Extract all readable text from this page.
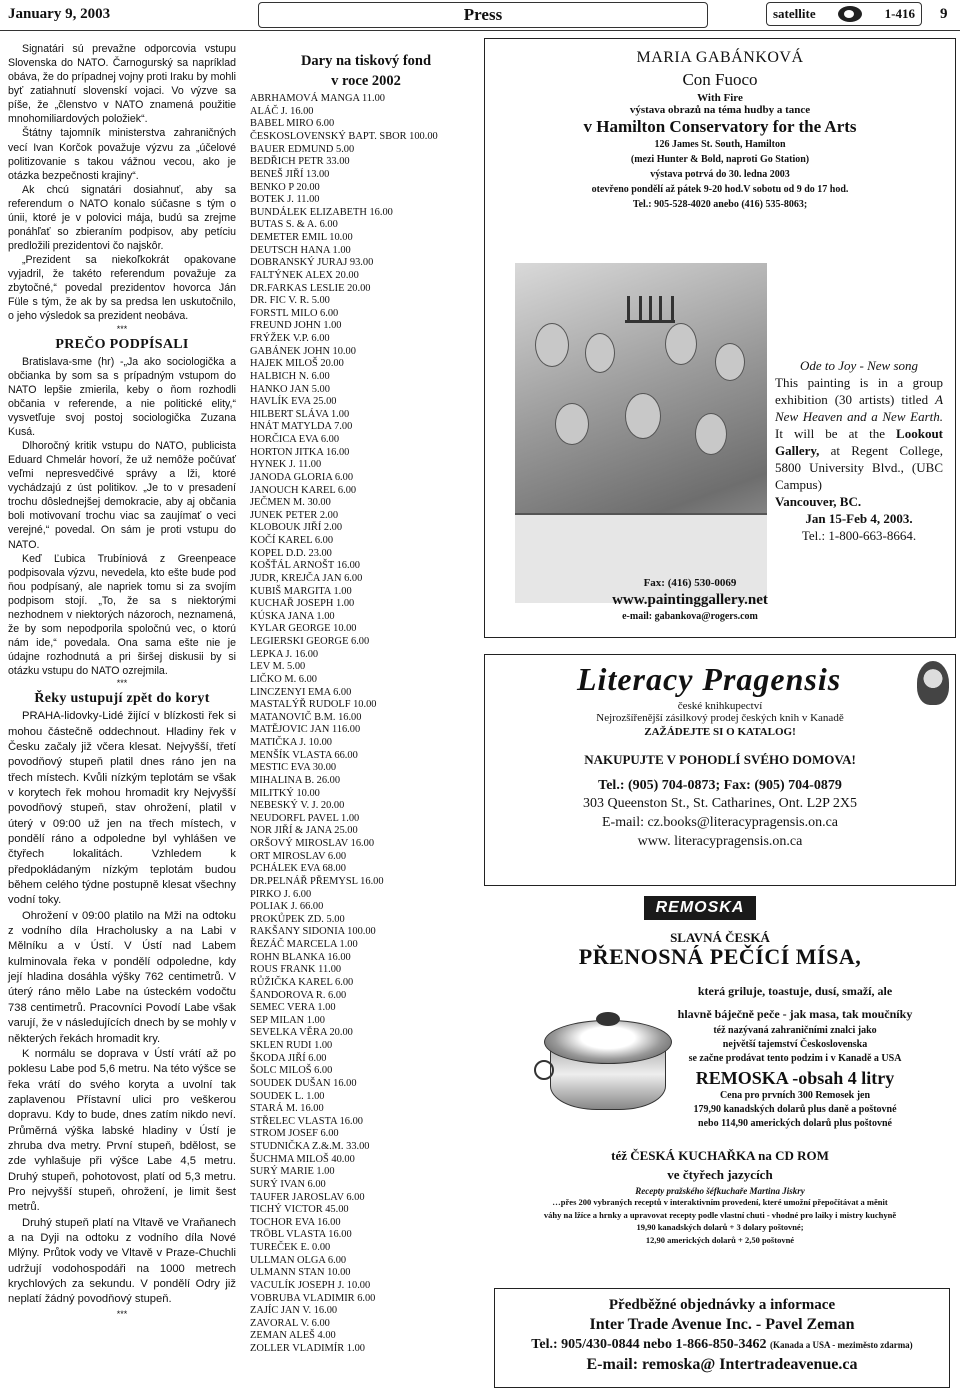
January 9, 2003	Press	satellite	1-416 9

Signatári sú prevažne odporcovia vstupu Slovenska do NATO. Čarnogurský sa napríklad obáva, že do prípadnej vojny proti Iraku by mohli byť zatiahnutí slovenskí vojaci. Vo výzve sa píše, že „členstvo v NATO znamená použitie mnohomiliardových položiek“.

Štátny tajomník ministerstva zahraničných vecí Ivan Korčok považuje výzvu za „účelové politizovanie s takou vážnou vecou, ako je otázka bezpečnosti krajiny“.

Ak chcú signatári dosiahnuť, aby sa referendum o NATO konalo súčasne s tým o únii, ktoré je v polovici mája, budú sa zrejme ponáhľať so zbieraním podpisov, aby petíciu predložili prezidentovi čo najskôr.

„Prezident sa niekoľkokrát opakovane vyjadril, že takéto referendum považuje za zbytočné,“ povedal prezidentov hovorca Ján Füle s tým, že ak by sa predsa len uskutočnilo, o jeho výsledok sa prezident neobáva.

***

PREČO PODPÍSALI

Bratislava-sme (hr) -„Ja ako sociologička a občianka by som sa s prípadným vstupom do NATO lepšie zmierila, keby o ňom rozhodli občania v referende, a nie politické elity,“ vysvetľuje svoj postoj sociologička Zuzana Kusá.

Dlhoročný kritik vstupu do NATO, publicista Eduard Chmelár hovorí, že už nemôže počúvať veľmi nepresvedčivé správy a lži, ktoré vychádzajú z úst politikov. „Je to v presadení trochu dôslednejšej demokracie, aby aj občania boli motivovaní trochu viac sa zaujímať o veci verejné,“ povedal. On sám je proti vstupu do NATO.

Keď Ľubica Trubíniová z Greenpeace podpisovala výzvu, nevedela, kto ešte bude pod ňou podpísaný, ale napriek tomu si za svojím podpisom stojí. „To, že sa s niektorými nezhodnem v niektorých názoroch, neznamená, že by som nepodporila spoločnú vec, o ktorú nám ide,“ povedala. Ona sama ešte nie je údajne rozhodnutá a pri širšej diskusii by si otázku vstupu do NATO ozrejmila.

***

Řeky ustupují zpět do koryt

PRAHA-lidovky-Lidé žijící v blízkosti řek si mohou částečně oddechnout. Hladiny řek v Česku začaly již včera klesat. Nejvyšší, třetí povodňový stupeň platil dnes ráno jen na třech místech. Kvůli nízkým teplotám se však v korytech řek mohou hromadit kry Nejvyšší povodňový stupeň, stav ohrožení, platil v úterý v 09:00 už jen na třech místech, v pondělí ráno a odpoledne byl vyhlášen ve čtyřech lokalitách. Vzhledem k předpokládaným nízkým teplotám budou během celého týdne postupně klesat všechny vodní toky.

Ohrožení v 09:00 platilo na Mži na odtoku z vodního díla Hracholusky a na Labi v Mělníku a v Ústí. V Ústí nad Labem kulminovala řeka v pondělí odpoledne, kdy její hladina dosáhla výšky 762 centimetrů. V úterý ráno mělo Labe na ústeckém vodočtu 738 centimetrů. Pracovníci Povodí Labe však varují, že v následujících dnech by se mohly v některých řekách hromadit kry.

K normálu se doprava v Ústí vrátí až po poklesu Labe pod 5,6 metru. Na této výšce se řeka vrátí do svého koryta a uvolní tak zaplavenou Přístavní ulici pro veškerou dopravu. Kdy to bude, dnes zatím nikdo neví. Průměrná výška labské hladiny v Ústí je zhruba dva metry. První stupeň, bdělost, se zde vyhlašuje při výšce Labe 4,5 metru. Druhý stupeň, pohotovost, platí od 5,3 metru. Pro nejvyšší stupeň, ohrožení, je limit šest metrů.

Druhý stupeň platí na Vltavě ve Vraňanech a na Dyji na odtoku z vodního díla Nové Mlýny. Průtok vody ve Vltavě v Praze-Chuchli udržují vodohospodáři na 1000 metrech krychlových za sekundu. V pondělí Odry již neplatí žádný povodňový stupeň.

***

Dary na tiskový fond
v roce 2002
ABRHAMOVÁ MANGA 11.00
ALÁČ J. 16.00
BABEL MIRO 6.00
ČESKOSLOVENSKÝ BAPT. SBOR 100.00
BAUER EDMUND 5.00
BEDŘICH PETR 33.00
BENEŠ JIŘÍ 13.00
BENKO P 20.00
BOTEK J. 11.00
BUNDÁLEK ELIZABETH 16.00
BUTAS S. & A. 6.00
DEMETER EMIL 10.00
DEUTSCH HANA 1.00
DOBRANSKÝ JURAJ 93.00
FALTÝNEK ALEX 20.00
DR.FARKAS LESLIE 20.00
DR. FIC V. R. 5.00
FORSTL MILO 6.00
FREUND JOHN 1.00
FRÝŽEK V.P. 6.00
GABÁNEK JOHN 10.00
HAJEK MILOŠ 20.00
HALBICH N. 6.00
HANKO JAN 5.00
HAVLÍK EVA 25.00
HILBERT SLÁVA 1.00
HNÁT MATYLDA 7.00
HORČICA EVA 6.00
HORTON JITKA 16.00
HYNEK J. 11.00
JANODA GLORIA 6.00
JANOUCH KAREL 6.00
JEČMEN M. 30.00
JUNEK PETER 2.00
KLOBOUK JIŘÍ 2.00
KOČÍ KAREL 6.00
KOPEL D.D. 23.00
KOŠŤÁL ARNOŠT 16.00
JUDR, KREJČA JAN 6.00
KUBIŠ MARGITA 1.00
KUCHAŘ JOSEPH 1.00
KÚSKA JANA 1.00
KYLAR GEORGE 10.00
LEGIERSKI GEORGE 6.00
LEPKA J. 16.00
LEV M. 5.00
LIČKO M. 6.00
LINCZENYI EMA 6.00
MASTALÝŘ RUDOLF 10.00
MATANOVIČ B.M. 16.00
MATĚJOVIC JAN 116.00
MATIČKA J. 10.00
MENŠÍK VLASTA 66.00
MESTIC EVA 30.00
MIHALINA B. 26.00
MILITKÝ 10.00
NEBESKÝ V. J. 20.00
NEUDORFL PAVEL 1.00
NOR JIŘÍ & JANA 25.00
ORŠOVÝ MIROSLAV 16.00
ORT MIROSLAV 6.00
PCHÁLEK EVA 68.00
DR.PELNÁŘ PŘEMYSL 16.00
PIRKO J. 6.00
POLIAK J. 66.00
PROKŮPEK ZD. 5.00
RAKŠANY SIDONIA 100.00
ŘEZÁČ MARCELA 1.00
ROHN BLANKA 16.00
ROUS FRANK 11.00
RŮŽIČKA KAREL 6.00
ŠANDOROVA R. 6.00
SEMEC VERA 1.00
SEP MILAN 1.00
SEVELKA VĚRA 20.00
SKLEN RUDI 1.00
ŠKODA JIŘÍ 6.00
ŠOLC MILOŠ 6.00
SOUDEK DUŠAN 16.00
SOUDEK L. 1.00
STARÁ M. 16.00
STŘELEC VLASTA 16.00
STROM JOSEF 6.00
STUDNIČKA Z.&.M. 33.00
ŠUCHMA MILOŠ 40.00
SURÝ MARIE 1.00
SURÝ IVAN 6.00
TAUFER JAROSLAV 6.00
TICHÝ VICTOR 45.00
TOCHOR EVA 16.00
TRÖBL VLASTA 16.00
TUREČEK E. 0.00
ULLMAN OLGA 6.00
ULMANN STAN 10.00
VACULÍK JOSEPH J. 10.00
VOBRUBA VLADIMIR 6.00
ZAJÍC JAN V. 16.00
ZAVORAL V. 6.00
ZEMAN ALEŠ 4.00
ZOLLER VLADIMÍR 1.00
MARIA GABÁNKOVÁ
Con Fuoco
With Fire
výstava obrazů na téma hudby a tance
v Hamilton Conservatory for the Arts
126 James St. South, Hamilton
(mezi Hunter & Bold, naproti Go Station)
výstava potrvá do 30. ledna 2003
otevřeno pondělí až pátek 9-20 hod.V sobotu od 9 do 17 hod.
Tel.: 905-528-4020 anebo (416) 535-8063;
Ode to Joy - New song
This painting is in a group exhibition (30 artists) titled A New Heaven and a New Earth. It will be at the Lookout Gallery, at Regent College, 5800 University Blvd., (UBC Campus)
Vancouver, BC.
Jan 15-Feb 4, 2003.
Tel.: 1-800-663-8664.
Fax: (416) 530-0069
www.paintinggallery.net
e-mail: gabankova@rogers.com
Literacy Pragensis
české knihkupectví
Nejrozšířenější zásilkový prodej českých knih v Kanadě
ZAŽÁDEJTE SI O KATALOG!
NAKUPUJTE V POHODLÍ SVÉHO DOMOVA!
Tel.: (905) 704-0873; Fax: (905) 704-0879
303 Queenston St., St. Catharines, Ont. L2P 2X5
E-mail: cz.books@literacypragensis.on.ca
www. literacypragensis.on.ca
REMOSKA
SLAVNÁ ČESKÁ
PŘENOSNÁ PEČÍCÍ MÍSA,
která griluje, toastuje, dusí, smaží, ale
hlavně báječně peče - jak masa, tak moučníky
též nazývaná zahraničními znalci jako
největší tajemství Československa
se začne prodávat tento podzim i v Kanadě a USA
REMOSKA -obsah 4 litry
Cena pro prvních 300 Remosek jen
179,90 kanadských dolarů plus daně a poštovné
nebo 114,90 amerických dolarů plus poštovné
též ČESKÁ KUCHAŘKA na CD ROM
ve čtyřech jazycích
Recepty pražského šéfkuchaře Martina Jiskry
…přes 200 vybraných receptů v interaktivním provedení, které umožní přepočítávat a měnit
váhy na lžíce a hrnky a upravovat recepty podle vlastní chuti - vhodné pro laiky i mistry kuchyně
19,90 kanadských dolarů + 3 dolary poštovné;
12,90 amerických dolarů + 2,50 poštovné
Předběžné objednávky a informace
Inter Trade Avenue Inc. - Pavel Zeman
Tel.: 905/430-0844 nebo 1-866-850-3462 (Kanada a USA - meziměsto zdarma)
E-mail: remoska@ Intertradeavenue.ca
